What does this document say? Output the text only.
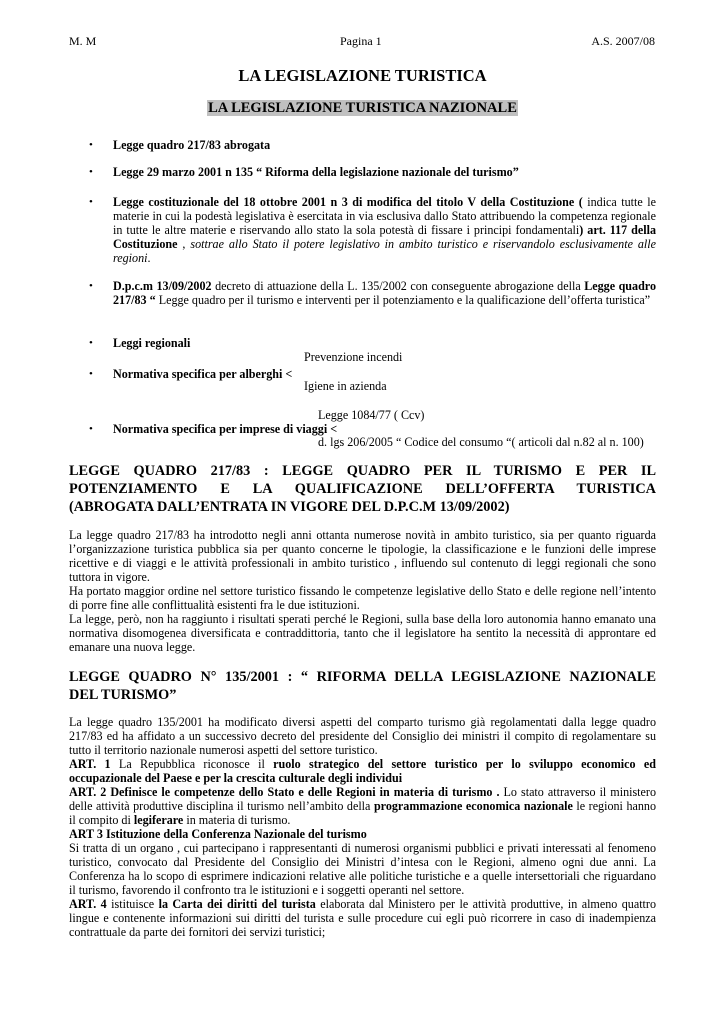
M. M	Pagina 1	A.S. 2007/08
LA LEGISLAZIONE TURISTICA
LA LEGISLAZIONE TURISTICA NAZIONALE
• Legge quadro 217/83 abrogata
• Legge 29 marzo 2001 n 135 “ Riforma della legislazione nazionale del turismo”
• Legge costituzionale del 18 ottobre 2001 n 3 di modifica del titolo V della Costituzione ( indica tutte le materie in cui la podestà legislativa è esercitata in via esclusiva dallo Stato attribuendo la competenza regionale in tutte le altre materie e riservando allo stato la sola potestà di fissare i principi fondamentali) art. 117 della Costituzione , sottrae allo Stato il potere legislativo in ambito turistico e riservandolo esclusivamente alle regioni.
• D.p.c.m 13/09/2002 decreto di attuazione della L. 135/2002 con conseguente abrogazione della Legge quadro 217/83 “ Legge quadro per il turismo e interventi per il potenziamento e la qualificazione dell’offerta turistica”
• Leggi regionali
Prevenzione incendi
• Normativa specifica per alberghi <
Igiene in azienda
Legge 1084/77 ( Ccv)
• Normativa specifica per imprese di viaggi <
d. lgs 206/2005 “ Codice del consumo “( articoli dal n.82 al n. 100)
LEGGE QUADRO 217/83 : LEGGE QUADRO PER IL TURISMO E PER IL
POTENZIAMENTO E LA QUALIFICAZIONE DELL’OFFERTA TURISTICA
(ABROGATA DALL’ENTRATA IN VIGORE DEL D.P.C.M 13/09/2002)
La legge quadro 217/83 ha introdotto negli anni ottanta numerose novità in ambito turistico, sia per quanto riguarda
l’organizzazione turistica pubblica sia per quanto concerne le tipologie, la classificazione e le funzioni delle imprese
ricettive e di viaggi e le attività professionali in ambito turistico , influendo sul contenuto di leggi regionali che sono
tuttora in vigore.
Ha portato maggior ordine nel settore turistico fissando le competenze legislative dello Stato e delle regione nell’intento
di porre fine alle conflittualità esistenti fra le due istituzioni.
La legge, però, non ha raggiunto i risultati sperati perché le Regioni, sulla base della loro autonomia hanno emanato una
normativa disomogenea diversificata e contraddittoria, tanto che il legislatore ha sentito la necessità di approntare ed
emanare una nuova legge.
LEGGE QUADRO N° 135/2001 : “ RIFORMA DELLA LEGISLAZIONE NAZIONALE
DEL TURISMO”
La legge quadro 135/2001 ha modificato diversi aspetti del comparto turismo già regolamentati dalla legge quadro
217/83 ed ha affidato a un successivo decreto del presidente del Consiglio dei ministri il compito di regolamentare su
tutto il territorio nazionale numerosi aspetti del settore turistico.
ART. 1 La Repubblica riconosce il ruolo strategico del settore turistico per lo sviluppo economico ed
occupazionale del Paese e per la crescita culturale degli individui
ART. 2 Definisce le competenze dello Stato e delle Regioni in materia di turismo . Lo stato attraverso il ministero
delle attività produttive disciplina il turismo nell’ambito della programmazione economica nazionale le regioni hanno
il compito di legiferare in materia di turismo.
ART 3 Istituzione della Conferenza Nazionale del turismo
Si tratta di un organo , cui partecipano i rappresentanti di numerosi organismi pubblici e privati interessati al fenomeno
turistico, convocato dal Presidente del Consiglio dei Ministri d’intesa con le Regioni, almeno ogni due anni. La
Conferenza ha lo scopo di esprimere indicazioni relative alle politiche turistiche e a quelle intersettoriali che riguardano
il turismo, favorendo il confronto tra le istituzioni e i soggetti operanti nel settore.
ART. 4 istituisce la Carta dei diritti del turista elaborata dal Ministero per le attività produttive, in almeno quattro
lingue e contenente informazioni sui diritti del turista e sulle procedure cui egli può ricorrere in caso di inadempienza
contrattuale da parte dei fornitori dei servizi turistici;
